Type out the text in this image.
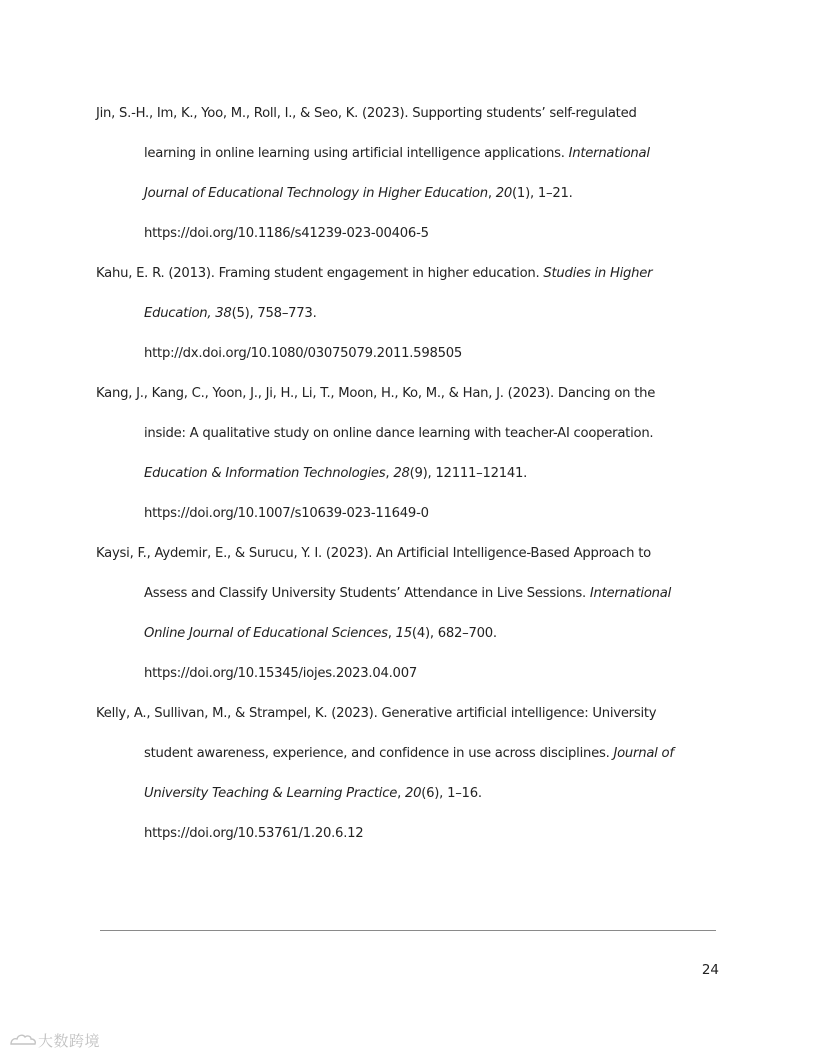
Jin, S.-H., Im, K., Yoo, M., Roll, I., & Seo, K. (2023). Supporting students’ self-regulated
learning in online learning using artificial intelligence applications. International
Journal of Educational Technology in Higher Education, 20(1), 1–21.
https://doi.org/10.1186/s41239-023-00406-5
Kahu, E. R. (2013). Framing student engagement in higher education. Studies in Higher
Education, 38(5), 758–773.
http://dx.doi.org/10.1080/03075079.2011.598505
Kang, J., Kang, C., Yoon, J., Ji, H., Li, T., Moon, H., Ko, M., & Han, J. (2023). Dancing on the
inside: A qualitative study on online dance learning with teacher-AI cooperation.
Education & Information Technologies, 28(9), 12111–12141.
https://doi.org/10.1007/s10639-023-11649-0
Kaysi, F., Aydemir, E., & Surucu, Y. I. (2023). An Artificial Intelligence-Based Approach to
Assess and Classify University Students’ Attendance in Live Sessions. International
Online Journal of Educational Sciences, 15(4), 682–700.
https://doi.org/10.15345/iojes.2023.04.007
Kelly, A., Sullivan, M., & Strampel, K. (2023). Generative artificial intelligence: University
student awareness, experience, and confidence in use across disciplines. Journal of
University Teaching & Learning Practice, 20(6), 1–16.
https://doi.org/10.53761/1.20.6.12
24
大数跨境
